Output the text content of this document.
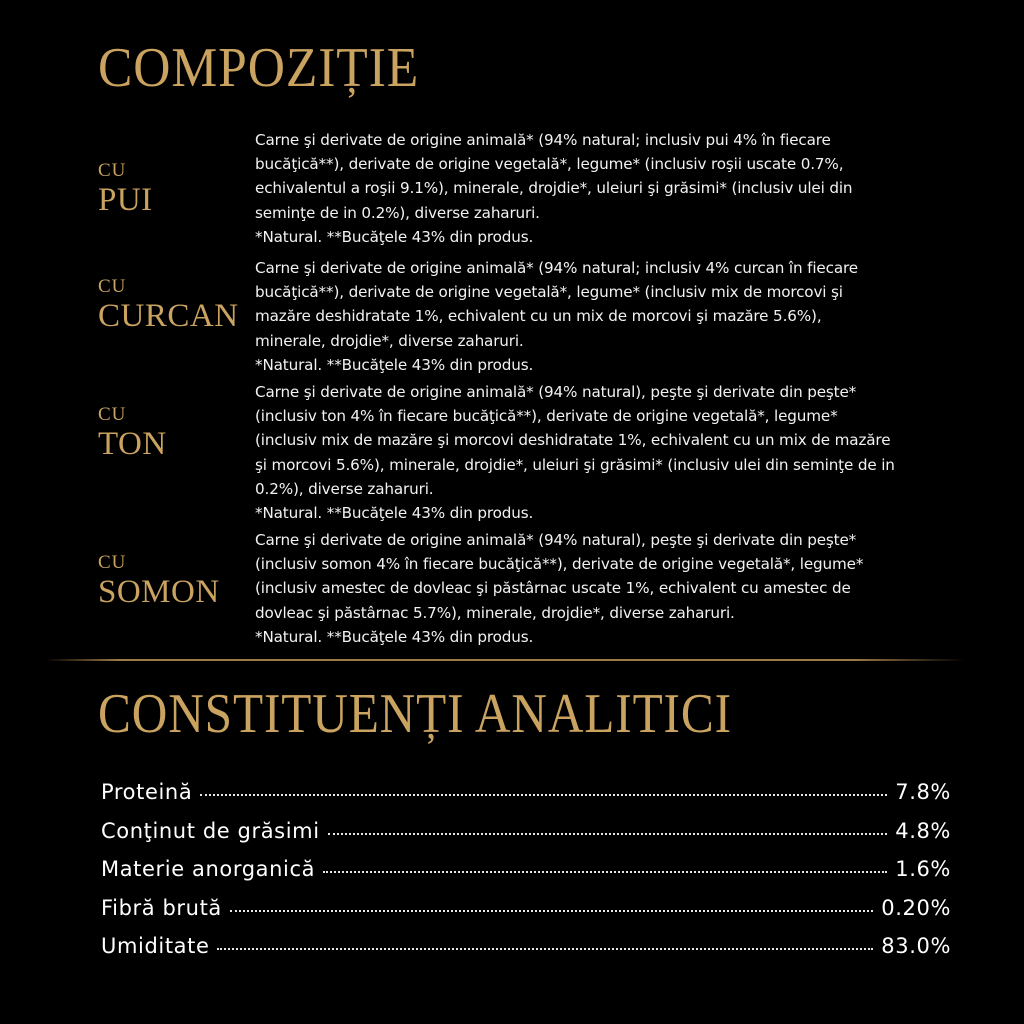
COMPOZIȚIE
CU
PUI

Carne şi derivate de origine animală* (94% natural; inclusiv pui 4% în fiecare

bucăţică**), derivate de origine vegetală*, legume* (inclusiv roşii uscate 0.7%,

echivalentul a roşii 9.1%), minerale, drojdie*, uleiuri şi grăsimi* (inclusiv ulei din

seminţe de in 0.2%), diverse zaharuri.

*Natural. **Bucăţele 43% din produs.

CU
CURCAN

Carne şi derivate de origine animală* (94% natural; inclusiv 4% curcan în fiecare

bucăţică**), derivate de origine vegetală*, legume* (inclusiv mix de morcovi şi

mazăre deshidratate 1%, echivalent cu un mix de morcovi şi mazăre 5.6%),

minerale, drojdie*, diverse zaharuri.

*Natural. **Bucăţele 43% din produs.

CU
TON

Carne şi derivate de origine animală* (94% natural), peşte şi derivate din peşte*

(inclusiv ton 4% în fiecare bucăţică**), derivate de origine vegetală*, legume*

(inclusiv mix de mazăre şi morcovi deshidratate 1%, echivalent cu un mix de mazăre

şi morcovi 5.6%), minerale, drojdie*, uleiuri şi grăsimi* (inclusiv ulei din seminţe de in

0.2%), diverse zaharuri.

*Natural. **Bucăţele 43% din produs.

CU
SOMON

Carne şi derivate de origine animală* (94% natural), peşte şi derivate din peşte*

(inclusiv somon 4% în fiecare bucăţică**), derivate de origine vegetală*, legume*

(inclusiv amestec de dovleac şi păstârnac uscate 1%, echivalent cu amestec de

dovleac şi păstârnac 5.7%), minerale, drojdie*, diverse zaharuri.

*Natural. **Bucăţele 43% din produs.

CONSTITUENȚI ANALITICI
Proteină	7.8%
Conţinut de grăsimi	4.8%
Materie anorganică	1.6%
Fibră brută	0.20%
Umiditate	83.0%
